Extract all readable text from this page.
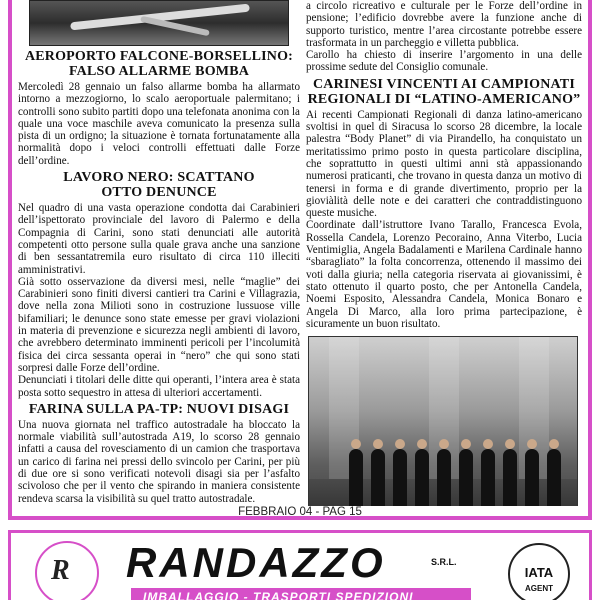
AEROPORTO FALCONE-BORSELLINO:
FALSO ALLARME BOMBA

Mercoledì 28 gennaio un falso allarme bomba ha allarmato intorno a mezzogiorno, lo scalo aeroportuale palermitano; i controlli sono subito partiti dopo una telefonata anonima con la quale una voce maschile aveva comunicato la presenza sulla pista di un ordigno; la situazione è tornata fortunatamente alla normalità dopo i veloci controlli effettuati dalle Forze dell’ordine.

LAVORO NERO: SCATTANO
OTTO DENUNCE

Nel quadro di una vasta operazione condotta dai Carabinieri dell’ispettorato provinciale del lavoro di Palermo e della Compagnia di Carini, sono stati denunciati alle autorità competenti otto persone sulla quale grava anche una sanzione di ben sessantatremila euro risultato di circa 110 illeciti amministrativi.

Già sotto osservazione da diversi mesi, nelle “maglie” dei Carabinieri sono finiti diversi cantieri tra Carini e Villagrazia, dove nella zona Milioti sono in costruzione lussuose ville bifamiliari; le denunce sono state emesse per gravi violazioni in materia di prevenzione e sicurezza negli ambienti di lavoro, che avrebbero determinato imminenti pericoli per l’incolumità fisica dei circa sessanta operai in “nero” che qui sono stati sorpresi dalle Forze dell’ordine.

Denunciati i titolari delle ditte qui operanti, l’intera area è stata posta sotto sequestro in attesa di ulteriori accertamenti.

FARINA SULLA PA-TP: NUOVI DISAGI

Una nuova giornata nel traffico autostradale ha bloccato la normale viabilità sull’autostrada A19, lo scorso 28 gennaio infatti a causa del rovesciamento di un camion che trasportava un carico di farina nei pressi dello svincolo per Carini, per più di due ore si sono verificati notevoli disagi sia per l’asfalto scivoloso che per il vento che spirando in maniera consistente rendeva scarsa la visibilità su quel tratto autostradale.

a circolo ricreativo e culturale per le Forze dell’ordine in pensione; l’edificio dovrebbe avere la funzione anche di supporto turistico, mentre l’area circostante potrebbe essere trasformata in un parcheggio e villetta pubblica.

Carollo ha chiesto di inserire l’argomento in una delle prossime sedute del Consiglio comunale.

CARINESI VINCENTI AI CAMPIONATI
REGIONALI DI “LATINO-AMERICANO”

Ai recenti Campionati Regionali di danza latino-americano svoltisi in quel di Siracusa lo scorso 28 dicembre, la locale palestra “Body Planet” di via Pirandello, ha conquistato un meritatissimo primo posto in questa particolare disciplina, che soprattutto in questi ultimi anni stà appassionando numerosi praticanti, che trovano in questa danza un motivo di tenersi in forma e di grande divertimento, proprio per la gioviàlità delle note e dei caratteri che contraddistinguono queste musiche.

Coordinate dall’istruttore Ivano Tarallo, Francesca Evola, Rossella Candela, Lorenzo Pecoraino, Anna Viterbo, Lucia Ventimiglia, Angela Badalamenti e Marilena Cardinale hanno “sbaragliato” la folta concorrenza, ottenendo il massimo dei voti dalla giuria; nella categoria riservata ai giovanissimi, è stato ottenuto il quarto posto, che per Antonella Candela, Noemi Esposito, Alessandra Candela, Monica Bonaro e Angela Di Marco, alla loro prima partecipazione, è sicuramente un buon risultato.

FEBBRAIO 04 - PAG 15
R RANDAZZO	S.R.L.
IMBALLAGGIO - TRASPORTI SPEDIZIONI
IATA
AGENT
